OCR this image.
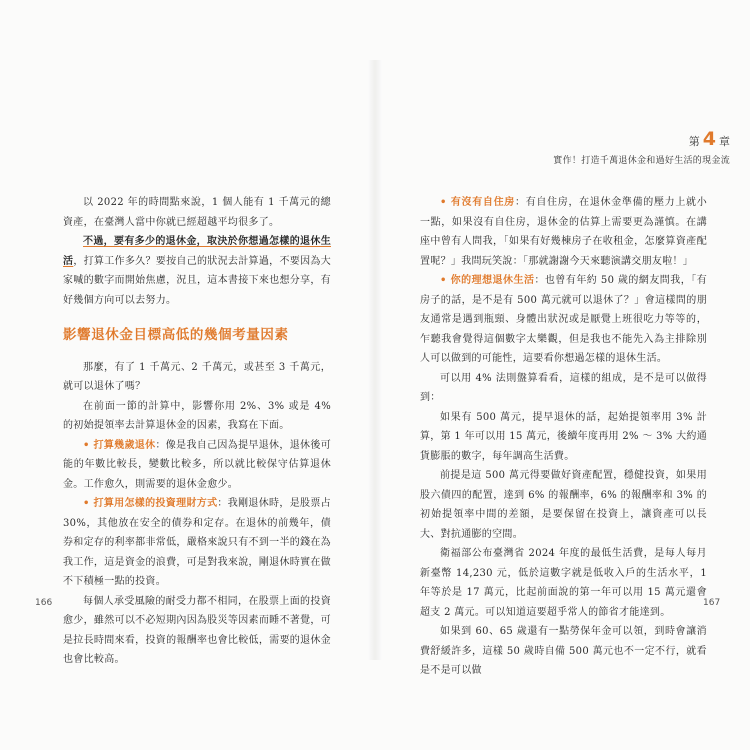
以 2022 年的時間點來說，1 個人能有 1 千萬元的總資產，在臺灣人當中你就已經超越平均很多了。

不過，要有多少的退休金，取決於你想過怎樣的退休生活，打算工作多久？要按自己的狀況去計算過，不要因為大家喊的數字而開始焦慮，況且，這本書接下來也想分享，有好幾個方向可以去努力。

影響退休金目標高低的幾個考量因素

那麼，有了 1 千萬元、2 千萬元，或甚至 3 千萬元，就可以退休了嗎？

在前面一節的計算中，影響你用 2%、3% 或是 4% 的初始提領率去計算退休金的因素，我寫在下面。

• 打算幾歲退休：像是我自己因為提早退休，退休後可能的年數比較長，變數比較多，所以就比較保守估算退休金。工作愈久，則需要的退休金愈少。

• 打算用怎樣的投資理財方式：我剛退休時，是股票占 30%，其他放在安全的債券和定存。在退休的前幾年，債券和定存的利率都非常低，嚴格來說只有不到一半的錢在為我工作，這是資金的浪費，可是對我來說，剛退休時實在做不下積極一點的投資。

每個人承受風險的耐受力都不相同，在股票上面的投資愈少，雖然可以不必短期內因為股災等因素而睡不著覺，可是拉長時間來看，投資的報酬率也會比較低，需要的退休金也會比較高。

166
第 4 章
實作！打造千萬退休金和過好生活的現金流

• 有沒有自住房：有自住房，在退休金準備的壓力上就小一點，如果沒有自住房，退休金的估算上需要更為謹慎。在講座中曾有人問我，「如果有好幾棟房子在收租金，怎麼算資產配置呢？」我問玩笑說：「那就謝謝今天來聽演講交朋友啦！」

• 你的理想退休生活：也曾有年約 50 歲的網友問我，「有房子的話，是不是有 500 萬元就可以退休了？」會這樣問的朋友通常是遇到瓶頸、身體出狀況或是厭覺上班很吃力等等的，乍聽我會覺得這個數字太樂觀，但是我也不能先入為主排除別人可以做到的可能性，這要看你想過怎樣的退休生活。

可以用 4% 法則盤算看看，這樣的組成，是不是可以做得到：

如果有 500 萬元，提早退休的話，起始提領率用 3% 計算，第 1 年可以用 15 萬元，後續年度再用 2% ～ 3% 大約通貨膨脹的數字，每年調高生活費。

前提是這 500 萬元得要做好資產配置，穩健投資，如果用股六債四的配置，達到 6% 的報酬率，6% 的報酬率和 3% 的初始提領率中間的差額，是要保留在投資上，讓資產可以長大、對抗通膨的空間。

衛福部公布臺灣省 2024 年度的最低生活費，是每人每月新臺幣 14,230 元，低於這數字就是低收入戶的生活水平，1 年等於是 17 萬元，比起前面說的第一年可以用 15 萬元還會超支 2 萬元。可以知道這要超乎常人的節省才能達到。

如果到 60、65 歲還有一點勞保年金可以領，到時會讓消費舒緩許多，這樣 50 歲時自備 500 萬元也不一定不行，就看是不是可以做

167
